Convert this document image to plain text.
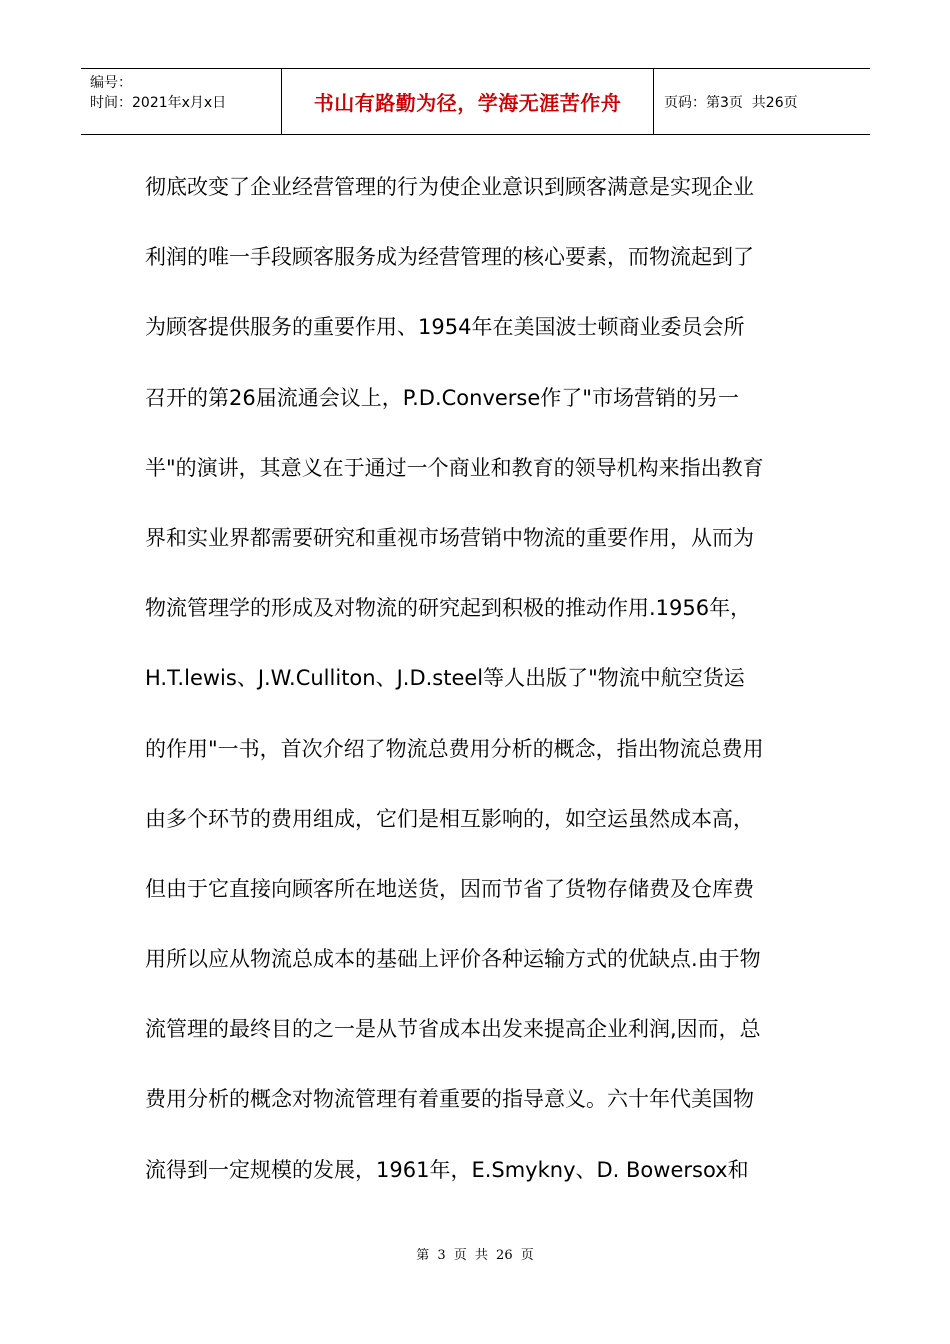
编号：
时间：2021年x月x日	书山有路勤为径，学海无涯苦作舟	页码：第3页  共26页
彻底改变了企业经营管理的行为使企业意识到顾客满意是实现企业
利润的唯一手段顾客服务成为经营管理的核心要素，而物流起到了
为顾客提供服务的重要作用、1954年在美国波士顿商业委员会所
召开的第26届流通会议上，P.D.Converse作了"市场营销的另一
半"的演讲，其意义在于通过一个商业和教育的领导机构来指出教育
界和实业界都需要研究和重视市场营销中物流的重要作用，从而为
物流管理学的形成及对物流的研究起到积极的推动作用.1956年，
H.T.lewis、J.W.Culliton、J.D.steel等人出版了"物流中航空货运
的作用"一书，首次介绍了物流总费用分析的概念，指出物流总费用
由多个环节的费用组成，它们是相互影响的，如空运虽然成本高，
但由于它直接向顾客所在地送货，因而节省了货物存储费及仓库费
用所以应从物流总成本的基础上评价各种运输方式的优缺点.由于物
流管理的最终目的之一是从节省成本出发来提高企业利润,因而，总
费用分析的概念对物流管理有着重要的指导意义。六十年代美国物
流得到一定规模的发展，1961年，E.Smykny、D. Bowersox和
第 3 页 共 26 页
